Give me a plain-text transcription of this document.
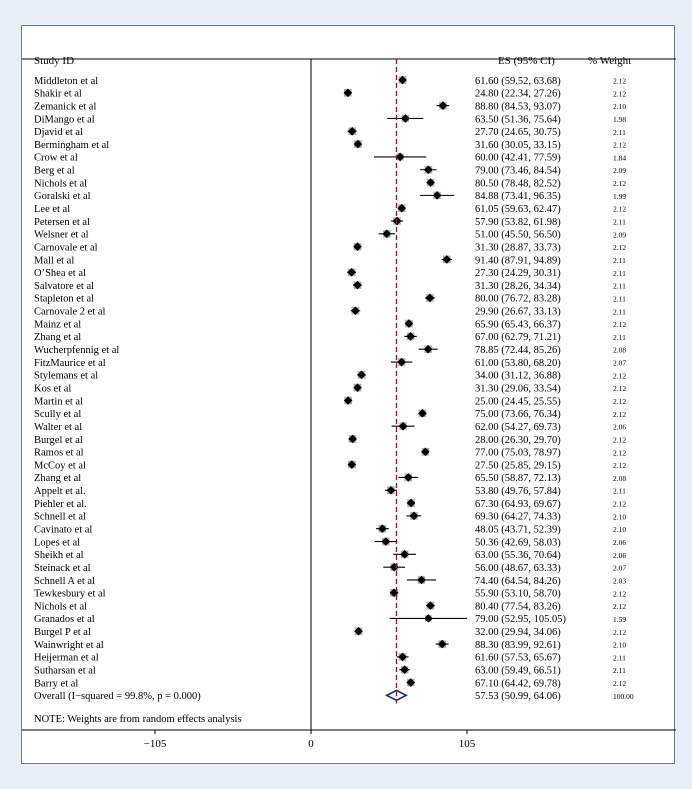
Study ID	ES (95% CI)	% Weight
Middleton et al	61.60 (59.52, 63.68)	2.12
Shakir et al	24.80 (22.34, 27.26)	2.12
Zemanick et al	88.80 (84.53, 93.07)	2.10
DiMango et al	63.50 (51.36, 75.64)	1.98
Djavid et al	27.70 (24.65, 30.75)	2.11
Bermingham et al	31.60 (30.05, 33.15)	2.12
Crow et al	60.00 (42.41, 77.59)	1.84
Berg et al	79.00 (73.46, 84.54)	2.09
Nichols et al	80.50 (78.48, 82.52)	2.12
Goralski et al	84.88 (73.41, 96.35)	1.99
Lee et al	61.05 (59.63, 62.47)	2.12
Petersen et al	57.90 (53.82, 61.98)	2.11
Welsner et al	51.00 (45.50, 56.50)	2.09
Carnovale et al	31.30 (28.87, 33.73)	2.12
Mall et al	91.40 (87.91, 94.89)	2.11
O’Shea et al	27.30 (24.29, 30.31)	2.11
Salvatore et al	31.30 (28.26, 34.34)	2.11
Stapleton et al	80.00 (76.72, 83.28)	2.11
Carnovale 2 et al	29.90 (26.67, 33.13)	2.11
Mainz et al	65.90 (65.43, 66.37)	2.12
Zhang et al	67.00 (62.79, 71.21)	2.11
Wucherpfennig et al	78.85 (72.44, 85.26)	2.08
FitzMaurice et al	61.00 (53.80, 68.20)	2.07
Stylemans et al	34.00 (31.12, 36.88)	2.12
Kos et al	31.30 (29.06, 33.54)	2.12
Martin et al	25.00 (24.45, 25.55)	2.12
Scully et al	75.00 (73.66, 76.34)	2.12
Walter et al	62.00 (54.27, 69.73)	2.06
Burgel et al	28.00 (26.30, 29.70)	2.12
Ramos et al	77.00 (75.03, 78.97)	2.12
McCoy et al	27.50 (25.85, 29.15)	2.12
Zhang et al	65.50 (58.87, 72.13)	2.08
Appelt et al.	53.80 (49.76, 57.84)	2.11
Piehler et al.	67.30 (64.93, 69.67)	2.12
Schnell et al	69.30 (64.27, 74.33)	2.10
Cavinato et al	48.05 (43.71, 52.39)	2.10
Lopes et al	50.36 (42.69, 58.03)	2.06
Sheikh et al	63.00 (55.36, 70.64)	2.06
Steinack et al	56.00 (48.67, 63.33)	2.07
Schnell A et al	74.40 (64.54, 84.26)	2.03
Tewkesbury et al	55.90 (53.10, 58.70)	2.12
Nichols et al	80.40 (77.54, 83.26)	2.12
Granados et al	79.00 (52.95, 105.05)	1.59
Burgel P et al	32.00 (29.94, 34.06)	2.12
Wainwright et al	88.30 (83.99, 92.61)	2.10
Heijerman et al	61.60 (57.53, 65.67)	2.11
Sutharsan et al	63.00 (59.49, 66.51)	2.11
Barry et al	67.10 (64.42, 69.78)	2.12
Overall (I−squared = 99.8%, p = 0.000)	57.53 (50.99, 64.06)	100.00
NOTE: Weights are from random effects analysis
−105	0	105
